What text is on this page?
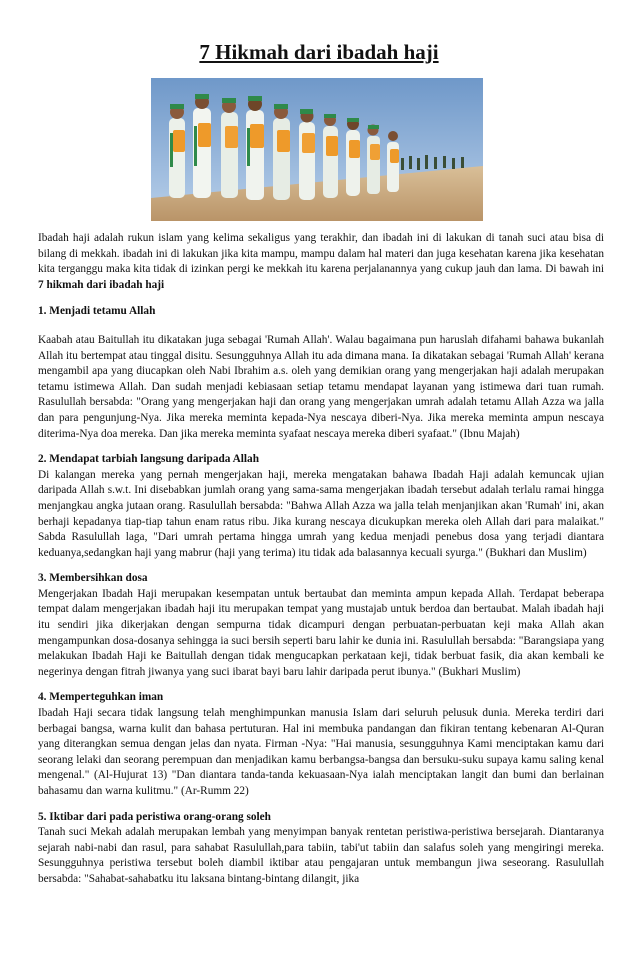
7 Hikmah dari ibadah haji

Ibadah haji adalah rukun islam yang kelima sekaligus yang terakhir, dan ibadah ini di lakukan di tanah suci atau bisa di bilang di mekkah. ibadah ini di lakukan jika kita mampu, mampu dalam hal materi dan juga kesehatan karena jika kesehatan kita terganggu maka kita tidak di izinkan pergi ke mekkah itu karena perjalanannya yang cukup jauh dan lama. Di bawah ini 7 hikmah dari ibadah haji

1. Menjadi tetamu Allah

Kaabah atau Baitullah itu dikatakan juga sebagai 'Rumah Allah'. Walau bagaimana pun haruslah difahami bahawa bukanlah Allah itu bertempat atau tinggal disitu. Sesungguhnya Allah itu ada dimana mana. Ia dikatakan sebagai 'Rumah Allah' kerana mengambil apa yang diucapkan oleh Nabi Ibrahim a.s. oleh yang demikian orang yang mengerjakan haji adalah merupakan tetamu istimewa Allah. Dan sudah menjadi kebiasaan setiap tetamu mendapat layanan yang istimewa dari tuan rumah. Rasulullah bersabda: "Orang yang mengerjakan haji dan orang yang mengerjakan umrah adalah tetamu Allah Azza wa jalla dan para pengunjung-Nya. Jika mereka meminta kepada-Nya nescaya diberi-Nya. Jika mereka meminta ampun nescaya diterima-Nya doa mereka. Dan jika mereka meminta syafaat nescaya mereka diberi syafaat." (Ibnu Majah)

2. Mendapat tarbiah langsung daripada Allah

Di kalangan mereka yang pernah mengerjakan haji, mereka mengatakan bahawa Ibadah Haji adalah kemuncak ujian daripada Allah s.w.t. Ini disebabkan jumlah orang yang sama-sama mengerjakan ibadah tersebut adalah terlalu ramai hingga menjangkau angka jutaan orang. Rasulullah bersabda: "Bahwa Allah Azza wa jalla telah menjanjikan akan 'Rumah' ini, akan berhaji kepadanya tiap-tiap tahun enam ratus ribu. Jika kurang nescaya dicukupkan mereka oleh Allah dari para malaikat." Sabda Rasulullah laga, "Dari umrah pertama hingga umrah yang kedua menjadi penebus dosa yang terjadi diantara keduanya,sedangkan haji yang mabrur (haji yang terima) itu tidak ada balasannya kecuali syurga." (Bukhari dan Muslim)

3. Membersihkan dosa

Mengerjakan Ibadah Haji merupakan kesempatan untuk bertaubat dan meminta ampun kepada Allah. Terdapat beberapa tempat dalam mengerjakan ibadah haji itu merupakan tempat yang mustajab untuk berdoa dan bertaubat. Malah ibadah haji itu sendiri jika dikerjakan dengan sempurna tidak dicampuri dengan perbuatan-perbuatan keji maka Allah akan mengampunkan dosa-dosanya sehingga ia suci bersih seperti baru lahir ke dunia ini. Rasulullah bersabda: "Barangsiapa yang melakukan Ibadah Haji ke Baitullah dengan tidak mengucapkan perkataan keji, tidak berbuat fasik, dia akan kembali ke negerinya dengan fitrah jiwanya yang suci ibarat bayi baru lahir daripada perut ibunya." (Bukhari Muslim)

4. Memperteguhkan iman

Ibadah Haji secara tidak langsung telah menghimpunkan manusia Islam dari seluruh pelusuk dunia. Mereka terdiri dari berbagai bangsa, warna kulit dan bahasa pertuturan. Hal ini membuka pandangan dan fikiran tentang kebenaran Al-Quran yang diterangkan semua dengan jelas dan nyata. Firman -Nya: "Hai manusia, sesungguhnya Kami menciptakan kamu dari seorang lelaki dan seorang perempuan dan menjadikan kamu berbangsa-bangsa dan bersuku-suku supaya kamu saling kenal mengenal." (Al-Hujurat 13) "Dan diantara tanda-tanda kekuasaan-Nya ialah menciptakan langit dan bumi dan berlainan bahasamu dan warna kulitmu." (Ar-Rumm 22)

5. Iktibar dari pada peristiwa orang-orang soleh

Tanah suci Mekah adalah merupakan lembah yang menyimpan banyak rentetan peristiwa-peristiwa bersejarah. Diantaranya sejarah nabi-nabi dan rasul, para sahabat Rasulullah,para tabiin, tabi'ut tabiin dan salafus soleh yang mengiringi mereka. Sesungguhnya peristiwa tersebut boleh diambil iktibar atau pengajaran untuk membangun jiwa seseorang. Rasulullah bersabda: "Sahabat-sahabatku itu laksana bintang-bintang dilangit, jika
